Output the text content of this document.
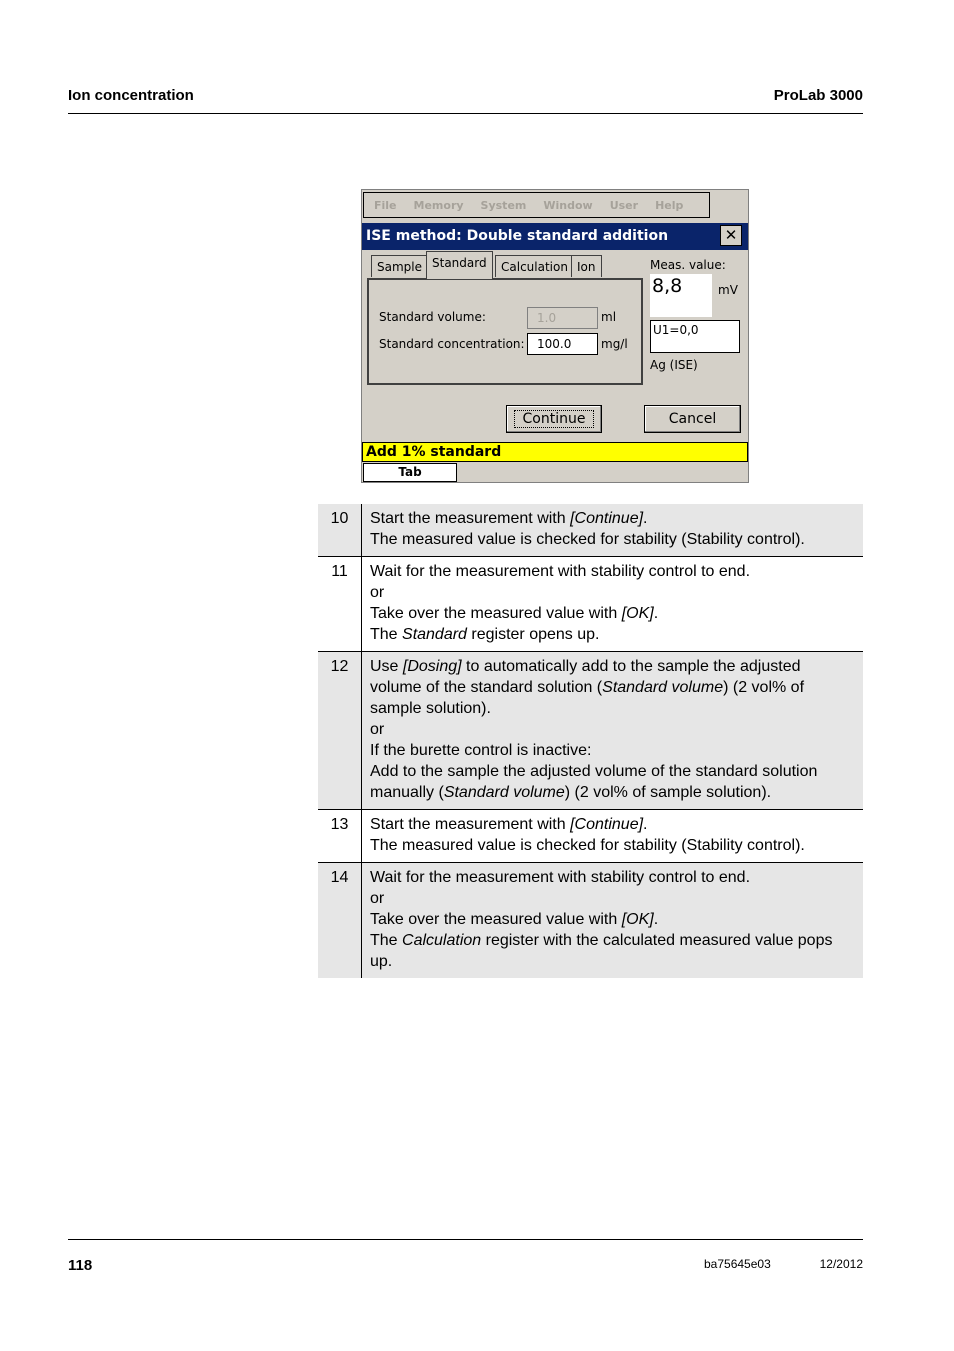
Ion concentration	ProLab 3000
File Memory System Window User Help
ISE method: Double standard addition	✕
Sample Standard	Calculation Ion
Standard volume:	1.0	ml
Standard concentration:	100.0	mg/l
Meas. value:
8,8	mV
U1=0,0
Ag (ISE)
Continue	Cancel
Add 1% standard
Tab
10	Start the measurement with [Continue].
The measured value is checked for stability (Stability control).

11	Wait for the measurement with stability control to end.
or
Take over the measured value with [OK].
The Standard register opens up.

12	Use [Dosing] to automatically add to the sample the adjusted volume of the standard solution (Standard volume) (2 vol% of sample solution).
or
If the burette control is inactive:
Add to the sample the adjusted volume of the standard solution manually (Standard volume) (2 vol% of sample solution).

13	Start the measurement with [Continue].
The measured value is checked for stability (Stability control).

14	Wait for the measurement with stability control to end.
or
Take over the measured value with [OK].
The Calculation register with the calculated measured value pops up.
118	ba75645e03	12/2012
